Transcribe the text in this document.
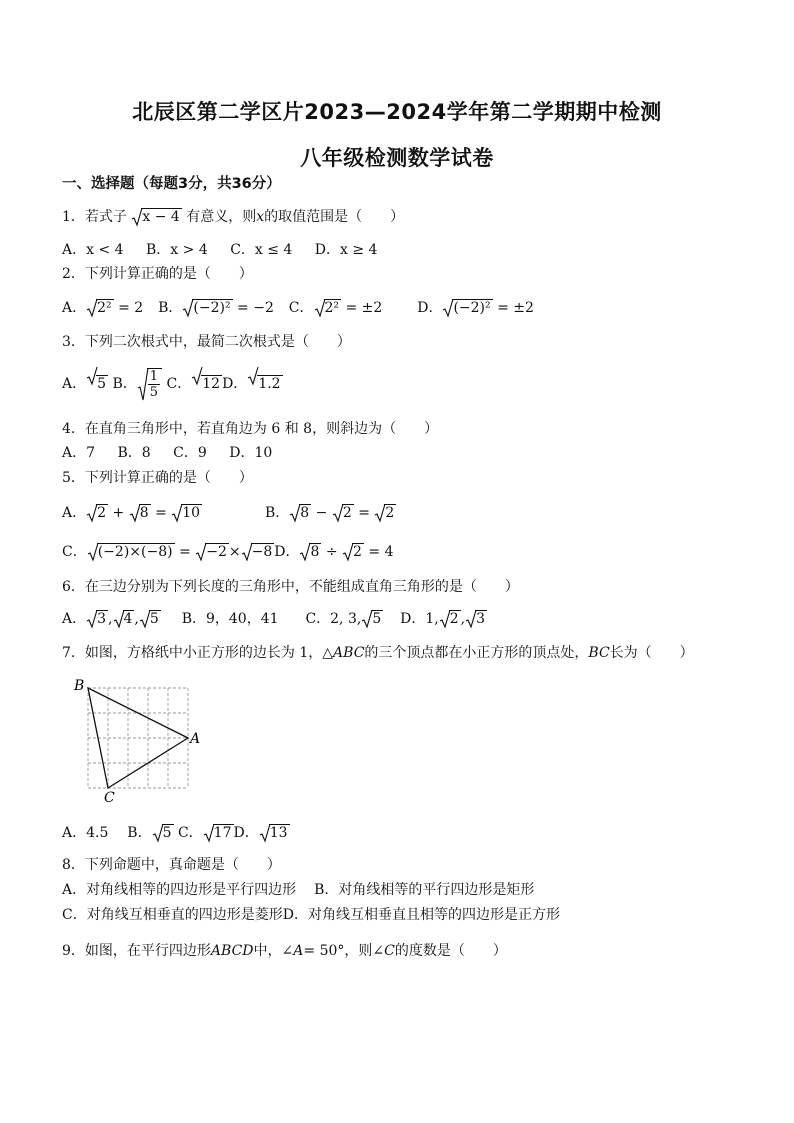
北辰区第二学区片2023—2024学年第二学期期中检测
八年级检测数学试卷
一、选择题（每题3分，共36分）
1．若式子 x − 4 有意义，则x的取值范围是（　　）
A．x < 4 B．x > 4 C．x ≤ 4 D．x ≥ 4
2．下列计算正确的是（　　）
A． 2² = 2 B． (−2)² = −2 C． 2² = ±2 D． (−2)² = ±2
3．下列二次根式中，最简二次根式是（　　）
A． 5 B． $\frac{1}{5}$ C． 12 D． 1.2
4．在直角三角形中，若直角边为 6 和 8，则斜边为（　　）
A．7 B．8 C．9 D．10
5．下列计算正确的是（　　）
A． 2 + 8 = 10	B． 8 − 2 = 2
C． (−2)×(−8) = −2 × −8 D． 8 ÷ 2 = 4
6．在三边分别为下列长度的三角形中，不能组成直角三角形的是（　　）
A． 3 , 4 , 5 B．9，40，41 C．2, 3, 5 D．1, 2 , 3
7．如图，方格纸中小正方形的边长为 1，△ABC的三个顶点都在小正方形的顶点处，BC长为（　　）
B
A
C
A．4.5 B． 5 C． 17 D． 13
8．下列命题中，真命题是（　　）
A．对角线相等的四边形是平行四边形 B．对角线相等的平行四边形是矩形
C．对角线互相垂直的四边形是菱形D．对角线互相垂直且相等的四边形是正方形
9．如图，在平行四边形ABCD中，∠A= 50°，则∠C的度数是（　　）
